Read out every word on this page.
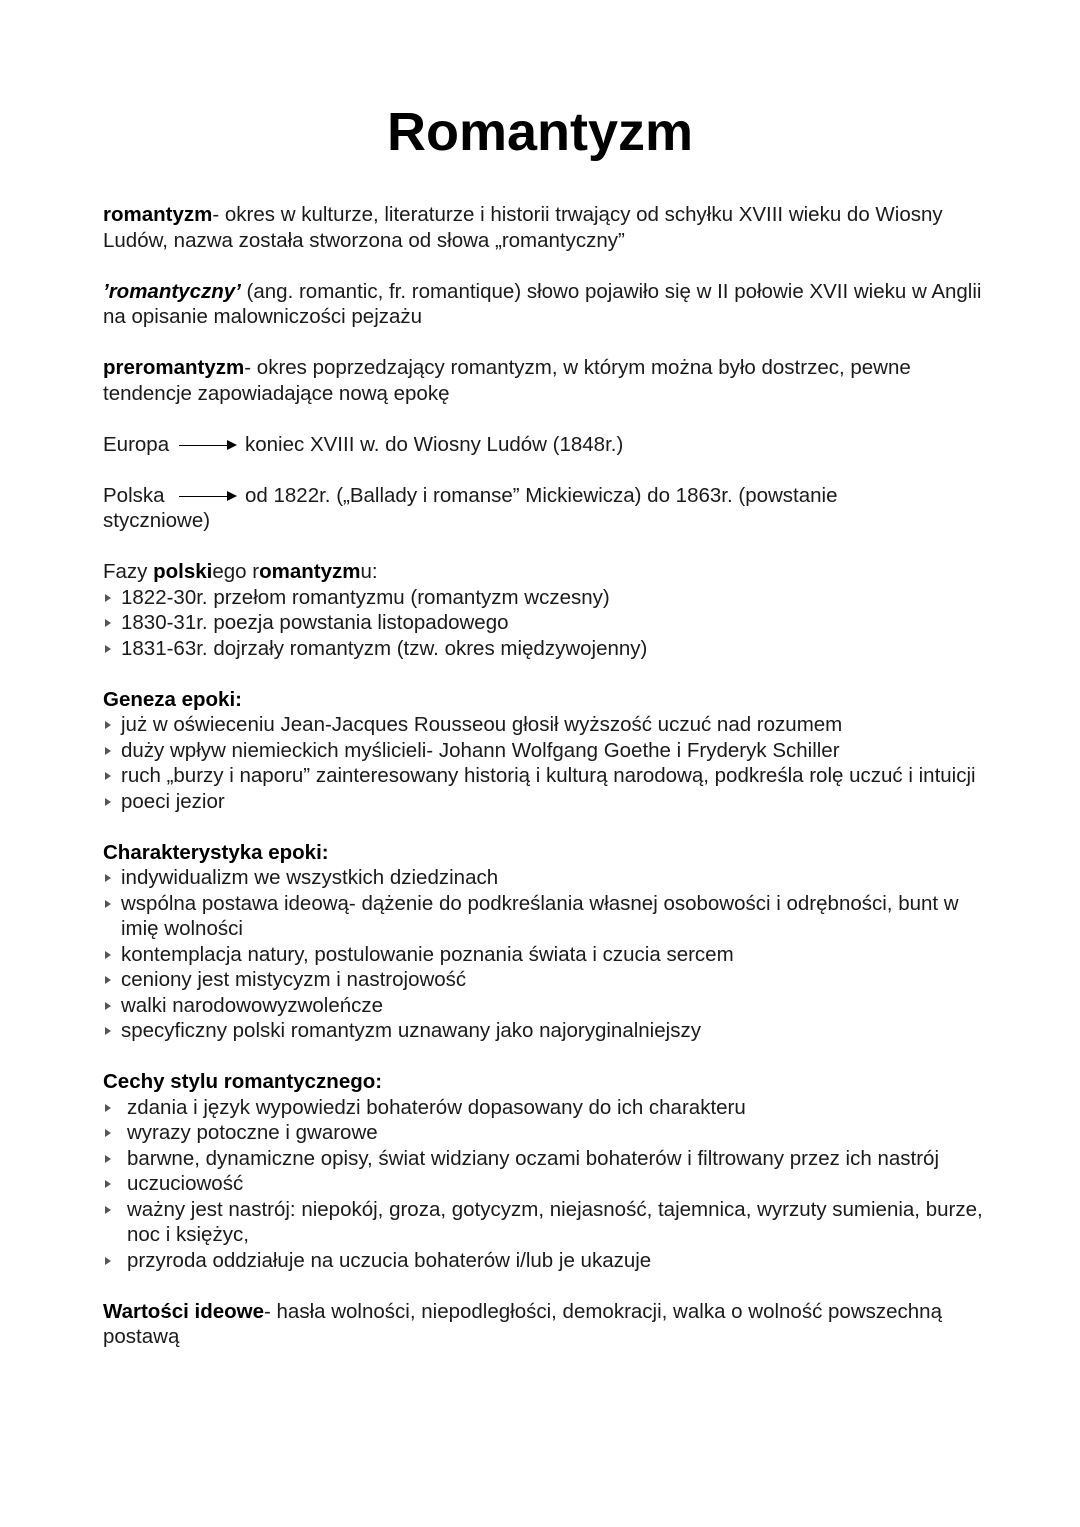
Romantyzm

romantyzm- okres w kulturze, literaturze i historii trwający od schyłku XVIII wieku do Wiosny Ludów, nazwa została stworzona od słowa „romantyczny”

’romantyczny’ (ang. romantic, fr. romantique) słowo pojawiło się w II połowie XVII wieku w Anglii na opisanie malowniczości pejzażu

preromantyzm- okres poprzedzający romantyzm, w którym można było dostrzec, pewne tendencje zapowiadające nową epokę

Europa	koniec XVIII w. do Wiosny Ludów (1848r.)
Polska	od 1822r. („Ballady i romanse” Mickiewicza) do 1863r. (powstanie
styczniowe)

Fazy polskiego romantyzmu:

1822-30r. przełom romantyzmu (romantyzm wczesny)
1830-31r. poezja powstania listopadowego
1831-63r. dojrzały romantyzm (tzw. okres międzywojenny)

Geneza epoki:

już w oświeceniu Jean-Jacques Rousseou głosił wyższość uczuć nad rozumem
duży wpływ niemieckich myślicieli- Johann Wolfgang Goethe i Fryderyk Schiller
ruch „burzy i naporu” zainteresowany historią i kulturą narodową, podkreśla rolę uczuć i intuicji
poeci jezior

Charakterystyka epoki:

indywidualizm we wszystkich dziedzinach
wspólna postawa ideową- dążenie do podkreślania własnej osobowości i odrębności, bunt w imię wolności
kontemplacja natury, postulowanie poznania świata i czucia sercem
ceniony jest mistycyzm i nastrojowość
walki narodowowyzwoleńcze
specyficzny polski romantyzm uznawany jako najoryginalniejszy

Cechy stylu romantycznego:

zdania i język wypowiedzi bohaterów dopasowany do ich charakteru
wyrazy potoczne i gwarowe
barwne, dynamiczne opisy, świat widziany oczami bohaterów i filtrowany przez ich nastrój
uczuciowość
ważny jest nastrój: niepokój, groza, gotycyzm, niejasność, tajemnica, wyrzuty sumienia, burze, noc i księżyc,
przyroda oddziałuje na uczucia bohaterów i/lub je ukazuje

Wartości ideowe- hasła wolności, niepodległości, demokracji, walka o wolność powszechną postawą
